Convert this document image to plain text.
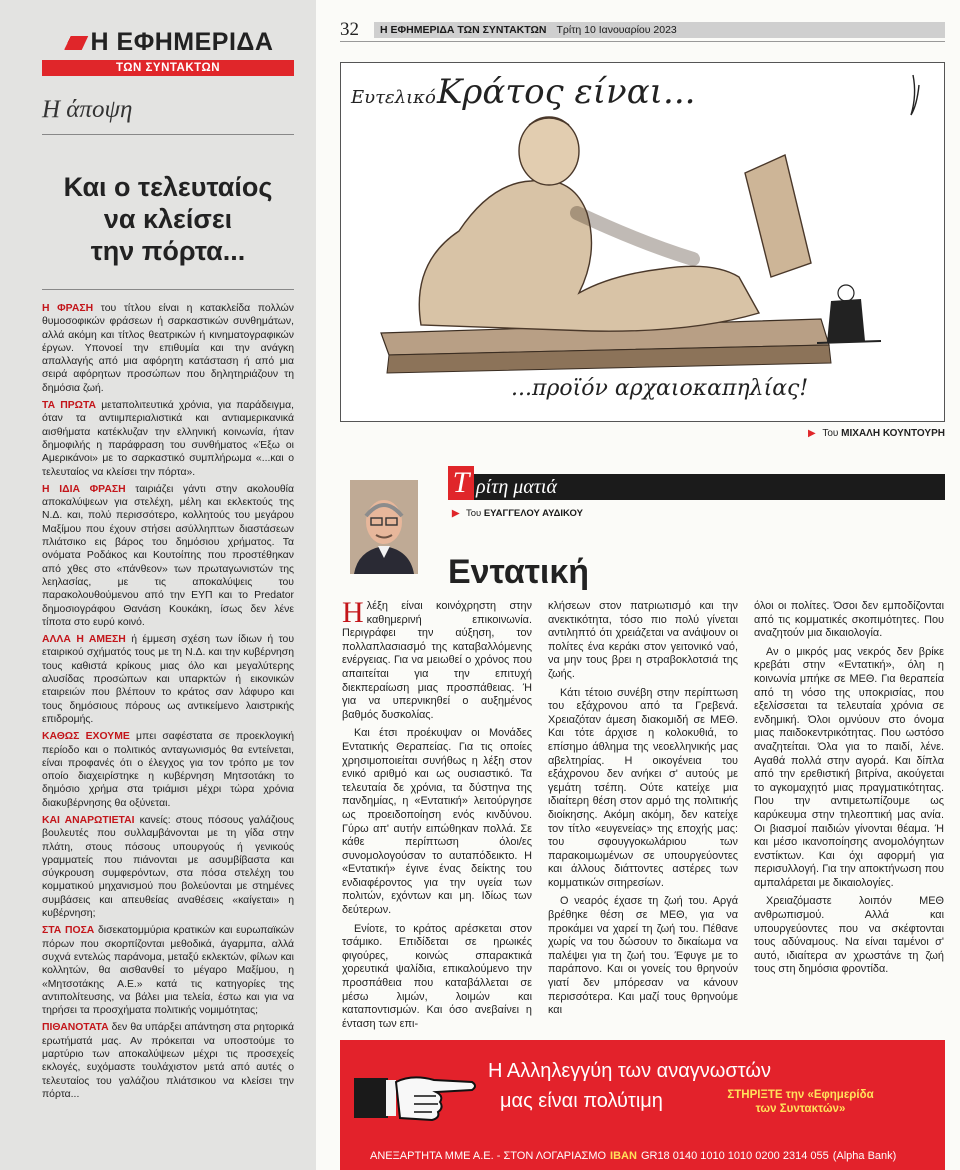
Η ΕΦΗΜΕΡΙΔΑ
ΤΩΝ ΣΥΝΤΑΚΤΩΝ
Η άποψη
Και ο τελευταίος
να κλείσει
την πόρτα...

Η ΦΡΑΣΗ του τίτλου είναι η κατακλείδα πολλών θυμοσοφικών φράσεων ή σαρκαστικών συνθημάτων, αλλά ακόμη και τίτλος θεατρικών ή κινηματογραφικών έργων. Υπονοεί την επιθυμία και την ανάγκη απαλλαγής από μια αφόρητη κατάσταση ή από μια σειρά αφόρητων προσώπων που δηλητηριάζουν τη δημόσια ζωή.

ΤΑ ΠΡΩΤΑ μεταπολιτευτικά χρόνια, για παράδειγμα, όταν τα αντιιμπεριαλιστικά και αντιαμερικανικά αισθήματα κατέκλυζαν την ελληνική κοινωνία, ήταν δημοφιλής η παράφραση του συνθήματος «Έξω οι Αμερικάνοι» με το σαρκαστικό συμπλήρωμα «...και ο τελευταίος να κλείσει την πόρτα».

Η ΙΔΙΑ ΦΡΑΣΗ ταιριάζει γάντι στην ακολουθία αποκαλύψεων για στελέχη, μέλη και εκλεκτούς της Ν.Δ. και, πολύ περισσότερο, κολλητούς του μεγάρου Μαξίμου που έχουν στήσει ασύλληπτων διαστάσεων πλιάτσικο εις βάρος του δημόσιου χρήματος. Τα ονόματα Ροδάκος και Κουτοίπης που προστέθηκαν από χθες στο «πάνθεον» των πρωταγωνιστών της λεηλασίας, με τις αποκαλύψεις του παρακολουθούμενου από την ΕΥΠ και το Predator δημοσιογράφου Θανάση Κουκάκη, ίσως δεν λένε τίποτα στο ευρύ κοινό.

ΑΛΛΑ Η ΑΜΕΣΗ ή έμμεση σχέση των ίδιων ή του εταιρικού σχήματός τους με τη Ν.Δ. και την κυβέρνηση τους καθιστά κρίκους μιας όλο και μεγαλύτερης αλυσίδας προσώπων και υπαρκτών ή εικονικών εταιρειών που βλέπουν το κράτος σαν λάφυρο και τους δημόσιους πόρους ως αντικείμενο λαιστρικής επιδρομής.

ΚΑΘΩΣ ΕΧΟΥΜΕ μπει σαφέστατα σε προεκλογική περίοδο και ο πολιτικός ανταγωνισμός θα εντείνεται, είναι προφανές ότι ο έλεγχος για τον τρόπο με τον οποίο διαχειρίστηκε η κυβέρνηση Μητσοτάκη το δημόσιο χρήμα στα τριάμισι μέχρι τώρα χρόνια διακυβέρνησης θα οξύνεται.

ΚΑΙ ΑΝΑΡΩΤΙΕΤΑΙ κανείς: στους πόσους γαλάζιους βουλευτές που συλλαμβάνονται με τη γίδα στην πλάτη, στους πόσους υπουργούς ή γενικούς γραμματείς που πιάνονται με ασυμβίβαστα και σύγκρουση συμφερόντων, στα πόσα στελέχη του κομματικού μηχανισμού που βολεύονται με στημένες συμβάσεις και απευθείας αναθέσεις «καίγεται» η κυβέρνηση;

ΣΤΑ ΠΟΣΑ δισεκατομμύρια κρατικών και ευρωπαϊκών πόρων που σκορπίζονται μεθοδικά, άγαρμπα, αλλά συχνά εντελώς παράνομα, μεταξύ εκλεκτών, φίλων και κολλητών, θα αισθανθεί το μέγαρο Μαξίμου, η «Μητσοτάκης Α.Ε.» κατά τις κατηγορίες της αντιπολίτευσης, να βάλει μια τελεία, έστω και για να τηρήσει τα προσχήματα πολιτικής νομιμότητας;

ΠΙΘΑΝΟΤΑΤΑ δεν θα υπάρξει απάντηση στα ρητορικά ερωτήματά μας. Αν πρόκειται να υποστούμε το μαρτύριο των αποκαλύψεων μέχρι τις προσεχείς εκλογές, ευχόμαστε τουλάχιστον μετά από αυτές ο τελευταίος του γαλάζιου πλιάτσικου να κλείσει την πόρτα...

32	Η ΕΦΗΜΕΡΙΔΑ ΤΩΝ ΣΥΝΤΑΚΤΩΝ Τρίτη 10 Ιανουαρίου 2023
Ευτελικό Κράτος είναι...
...προϊόν αρχαιοκαπηλίας!
▶ Του ΜΙΧΑΛΗ ΚΟΥΝΤΟΥΡΗ
Τ ρίτη ματιά
▶ Του ΕΥΑΓΓΕΛΟΥ ΑΥΔΙΚΟΥ
Εντατική

Η λέξη είναι κοινόχρηστη στην καθημερινή επικοινωνία. Περιγράφει την αύξηση, τον πολλαπλασιασμό της καταβαλλόμενης ενέργειας. Για να μειωθεί ο χρόνος που απαιτείται για την επιτυχή διεκπεραίωση μιας προσπάθειας. Ή για να υπερνικηθεί ο αυξημένος βαθμός δυσκολίας.

Και έτσι προέκυψαν οι Μονάδες Εντατικής Θεραπείας. Για τις οποίες χρησιμοποιείται συνήθως η λέξη στον ενικό αριθμό και ως ουσιαστικό. Τα τελευταία δε χρόνια, τα δύστηνα της πανδημίας, η «Εντατική» λειτούργησε ως προειδοποίηση ενός κινδύνου. Γύρω απ' αυτήν ειπώθηκαν πολλά. Σε κάθε περίπτωση όλοι/ες συνομολογούσαν το αυταπόδεικτο. Η «Εντατική» έγινε ένας δείκτης του ενδιαφέροντος για την υγεία των πολιτών, εχόντων και μη. Ιδίως των δεύτερων.

Ενίοτε, το κράτος αρέσκεται στον τσάμικο. Επιδίδεται σε ηρωικές φιγούρες, κοινώς σπαρακτικά χορευτικά ψαλίδια, επικαλούμενο την προσπάθεια που καταβάλλεται σε μέσω λιμών, λοιμών και καταποντισμών. Και όσο ανεβαίνει η ένταση των επι-

κλήσεων στον πατριωτισμό και την ανεκτικότητα, τόσο πιο πολύ γίνεται αντιληπτό ότι χρειάζεται να ανάψουν οι πολίτες ένα κεράκι στον γειτονικό ναό, να μην τους βρει η στραβοκλοτσιά της ζωής.

Κάτι τέτοιο συνέβη στην περίπτωση του εξάχρονου από τα Γρεβενά. Χρειαζόταν άμεση διακομιδή σε ΜΕΘ. Και τότε άρχισε η κολοκυθιά, το επίσημο άθλημα της νεοελληνικής μας αβελτηρίας. Η οικογένεια του εξάχρονου δεν ανήκει σ' αυτούς με γεμάτη τσέπη. Ούτε κατείχε μια ιδιαίτερη θέση στον αρμό της πολιτικής διοίκησης. Ακόμη ακόμη, δεν κατείχε τον τίτλο «ευγενείας» της εποχής μας: του σφουγγοκωλάριου των παρακοιμωμένων σε υπουργεύοντες και άλλους διάττοντες αστέρες των κομματικών σιτηρεσίων.

Ο νεαρός έχασε τη ζωή του. Αργά βρέθηκε θέση σε ΜΕΘ, για να προκάμει να χαρεί τη ζωή του. Πέθανε χωρίς να του δώσουν το δικαίωμα να παλέψει για τη ζωή του. Έφυγε με το παράπονο. Και οι γονείς του θρηνούν γιατί δεν μπόρεσαν να κάνουν περισσότερα. Και μαζί τους θρηνούμε και

όλοι οι πολίτες. Όσοι δεν εμποδίζονται από τις κομματικές σκοπιμότητες. Που αναζητούν μια δικαιολογία.

Αν ο μικρός μας νεκρός δεν βρίκε κρεβάτι στην «Εντατική», όλη η κοινωνία μπήκε σε ΜΕΘ. Για θεραπεία από τη νόσο της υποκρισίας, που εξελίσσεται τα τελευταία χρόνια σε ενδημική. Όλοι ομνύουν στο όνομα μιας παιδοκεντρικότητας. Που ωστόσο αναζητείται. Όλα για το παιδί, λένε. Αγαθά πολλά στην αγορά. Και δίπλα από την ερεθιστική βιτρίνα, ακούγεται το αγκομαχητό μιας πραγματικότητας. Που την αντιμετωπίζουμε ως καρύκευμα στην τηλεοπτική μας ανία. Οι βιασμοί παιδιών γίνονται θέαμα. Ή και μέσο ικανοποίησης ανομολόγητων ενστίκτων. Και όχι αφορμή για περισυλλογή. Για την αποκτήνωση που αμπαλάρεται με δικαιολογίες.

Χρειαζόμαστε λοιπόν ΜΕΘ ανθρωπισμού. Αλλά και υπουργεύοντες που να σκέφτονται τους αδύναμους. Να είναι ταμένοι σ' αυτό, ιδιαίτερα αν χρωστάνε τη ζωή τους στη δημόσια φροντίδα.

Η Αλληλεγγύη των αναγνωστών
μας είναι πολύτιμη	ΣΤΗΡΙΞΤΕ την «Εφημερίδα
των Συντακτών»
ΑΝΕΞΑΡΤΗΤΑ ΜΜΕ Α.Ε. - ΣΤΟΝ ΛΟΓΑΡΙΑΣΜΟ IBAN GR18 0140 1010 1010 0200 2314 055 (Alpha Bank)
